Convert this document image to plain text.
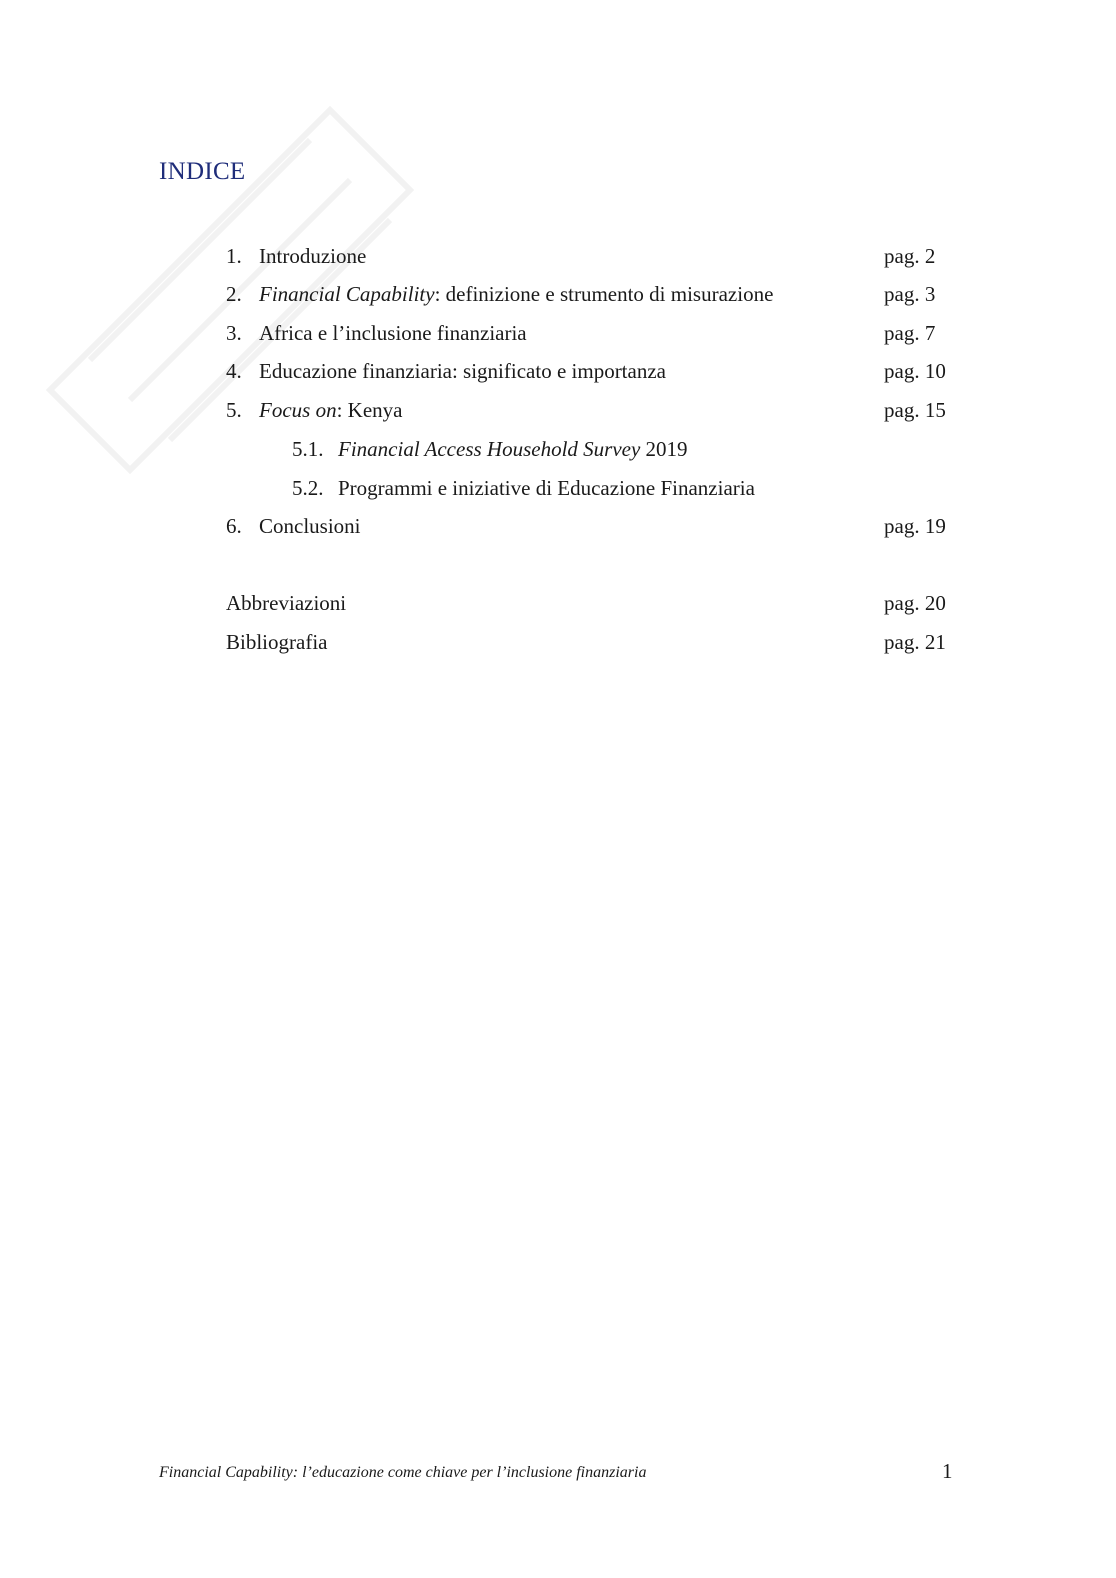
INDICE
1. Introduzione	pag. 2
2. Financial Capability: definizione e strumento di misurazione	pag. 3
3. Africa e l’inclusione finanziaria	pag. 7
4. Educazione finanziaria: significato e importanza	pag. 10
5. Focus on: Kenya	pag. 15
5.1. Financial Access Household Survey 2019
5.2. Programmi e iniziative di Educazione Finanziaria
6. Conclusioni	pag. 19
Abbreviazioni	pag. 20
Bibliografia	pag. 21
Financial Capability: l’educazione come chiave per l’inclusione finanziaria	1
